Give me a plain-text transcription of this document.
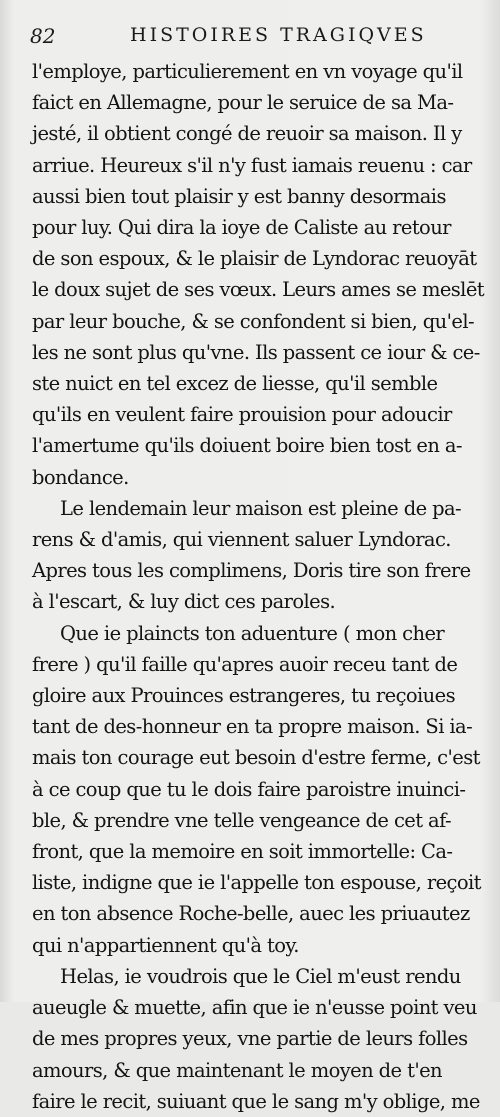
82	HISTOIRES TRAGIQVES
l'employe, particulierement en vn voyage qu'il
faict en Allemagne, pour le seruice de sa Ma-
jesté, il obtient congé de reuoir sa maison. Il y
arriue. Heureux s'il n'y fust iamais reuenu : car
aussi bien tout plaisir y est banny desormais
pour luy. Qui dira la ioye de Caliste au retour
de son espoux, & le plaisir de Lyndorac reuoyāt
le doux sujet de ses vœux. Leurs ames se meslēt
par leur bouche, & se confondent si bien, qu'el-
les ne sont plus qu'vne. Ils passent ce iour & ce-
ste nuict en tel excez de liesse, qu'il semble
qu'ils en veulent faire prouision pour adoucir
l'amertume qu'ils doiuent boire bien tost en a-
bondance.
  Le lendemain leur maison est pleine de pa-
rens & d'amis, qui viennent saluer Lyndorac.
Apres tous les complimens, Doris tire son frere
à l'escart, & luy dict ces paroles.
  Que ie plaincts ton aduenture ( mon cher
frere ) qu'il faille qu'apres auoir receu tant de
gloire aux Prouinces estrangeres, tu reçoiues
tant de des-honneur en ta propre maison. Si ia-
mais ton courage eut besoin d'estre ferme, c'est
à ce coup que tu le dois faire paroistre inuinci-
ble, & prendre vne telle vengeance de cet af-
front, que la memoire en soit immortelle: Ca-
liste, indigne que ie l'appelle ton espouse, reçoit
en ton absence Roche-belle, auec les priuautez
qui n'appartiennent qu'à toy.
  Helas, ie voudrois que le Ciel m'eust rendu
aueugle & muette, afin que ie n'eusse point veu
de mes propres yeux, vne partie de leurs folles
amours, & que maintenant le moyen de t'en
faire le recit, suiuant que le sang m'y oblige, me
